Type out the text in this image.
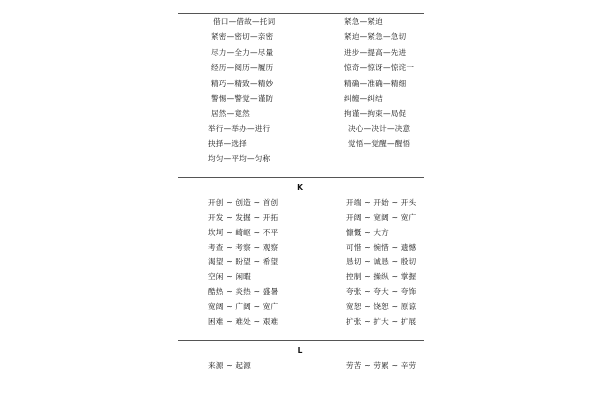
借口—借故—托词
紧密—密切—亲密
尽力—全力—尽量
经历—阅历—履历
精巧—精致—精妙
警惕—警觉—谨防
居然—竟然
举行—举办—进行
抉择—选择
均匀—平均—匀称
紧急—紧迫
紧迫—紧急—急切
进步—提高—先进
惊奇—惊讶—惊诧一
精确—准确—精细
纠缠—纠结
拘谨—拘束—局促
决心—决计—决意
觉悟—觉醒—醒悟
K
开创 ~ 创造 ~ 首创
开发 ~ 发掘 ~ 开拓
坎坷 ~ 崎岖 ~ 不平
考查 ~ 考察 ~ 观察
渴望 ~ 盼望 ~ 希望
空闲 ~ 闲暇
酷热 ~ 炎热 ~ 盛暑
宽阔 ~ 广阔 ~ 宽广
困难 ~ 难处 ~ 艰难
开端 ~ 开始 ~ 开头
开阔 ~ 宽阔 ~ 宽广
慷慨 ~ 大方
可惜 ~ 惋惜 ~ 遗憾
恳切 ~ 诚恳 ~ 殷切
控制 ~ 操纵 ~ 掌握
夸张 ~ 夸大 ~ 夸饰
宽恕 ~ 饶恕 ~ 原谅
扩张 ~ 扩大 ~ 扩展
L
来源 ~ 起源	劳苦 ~ 劳累 ~ 辛劳
